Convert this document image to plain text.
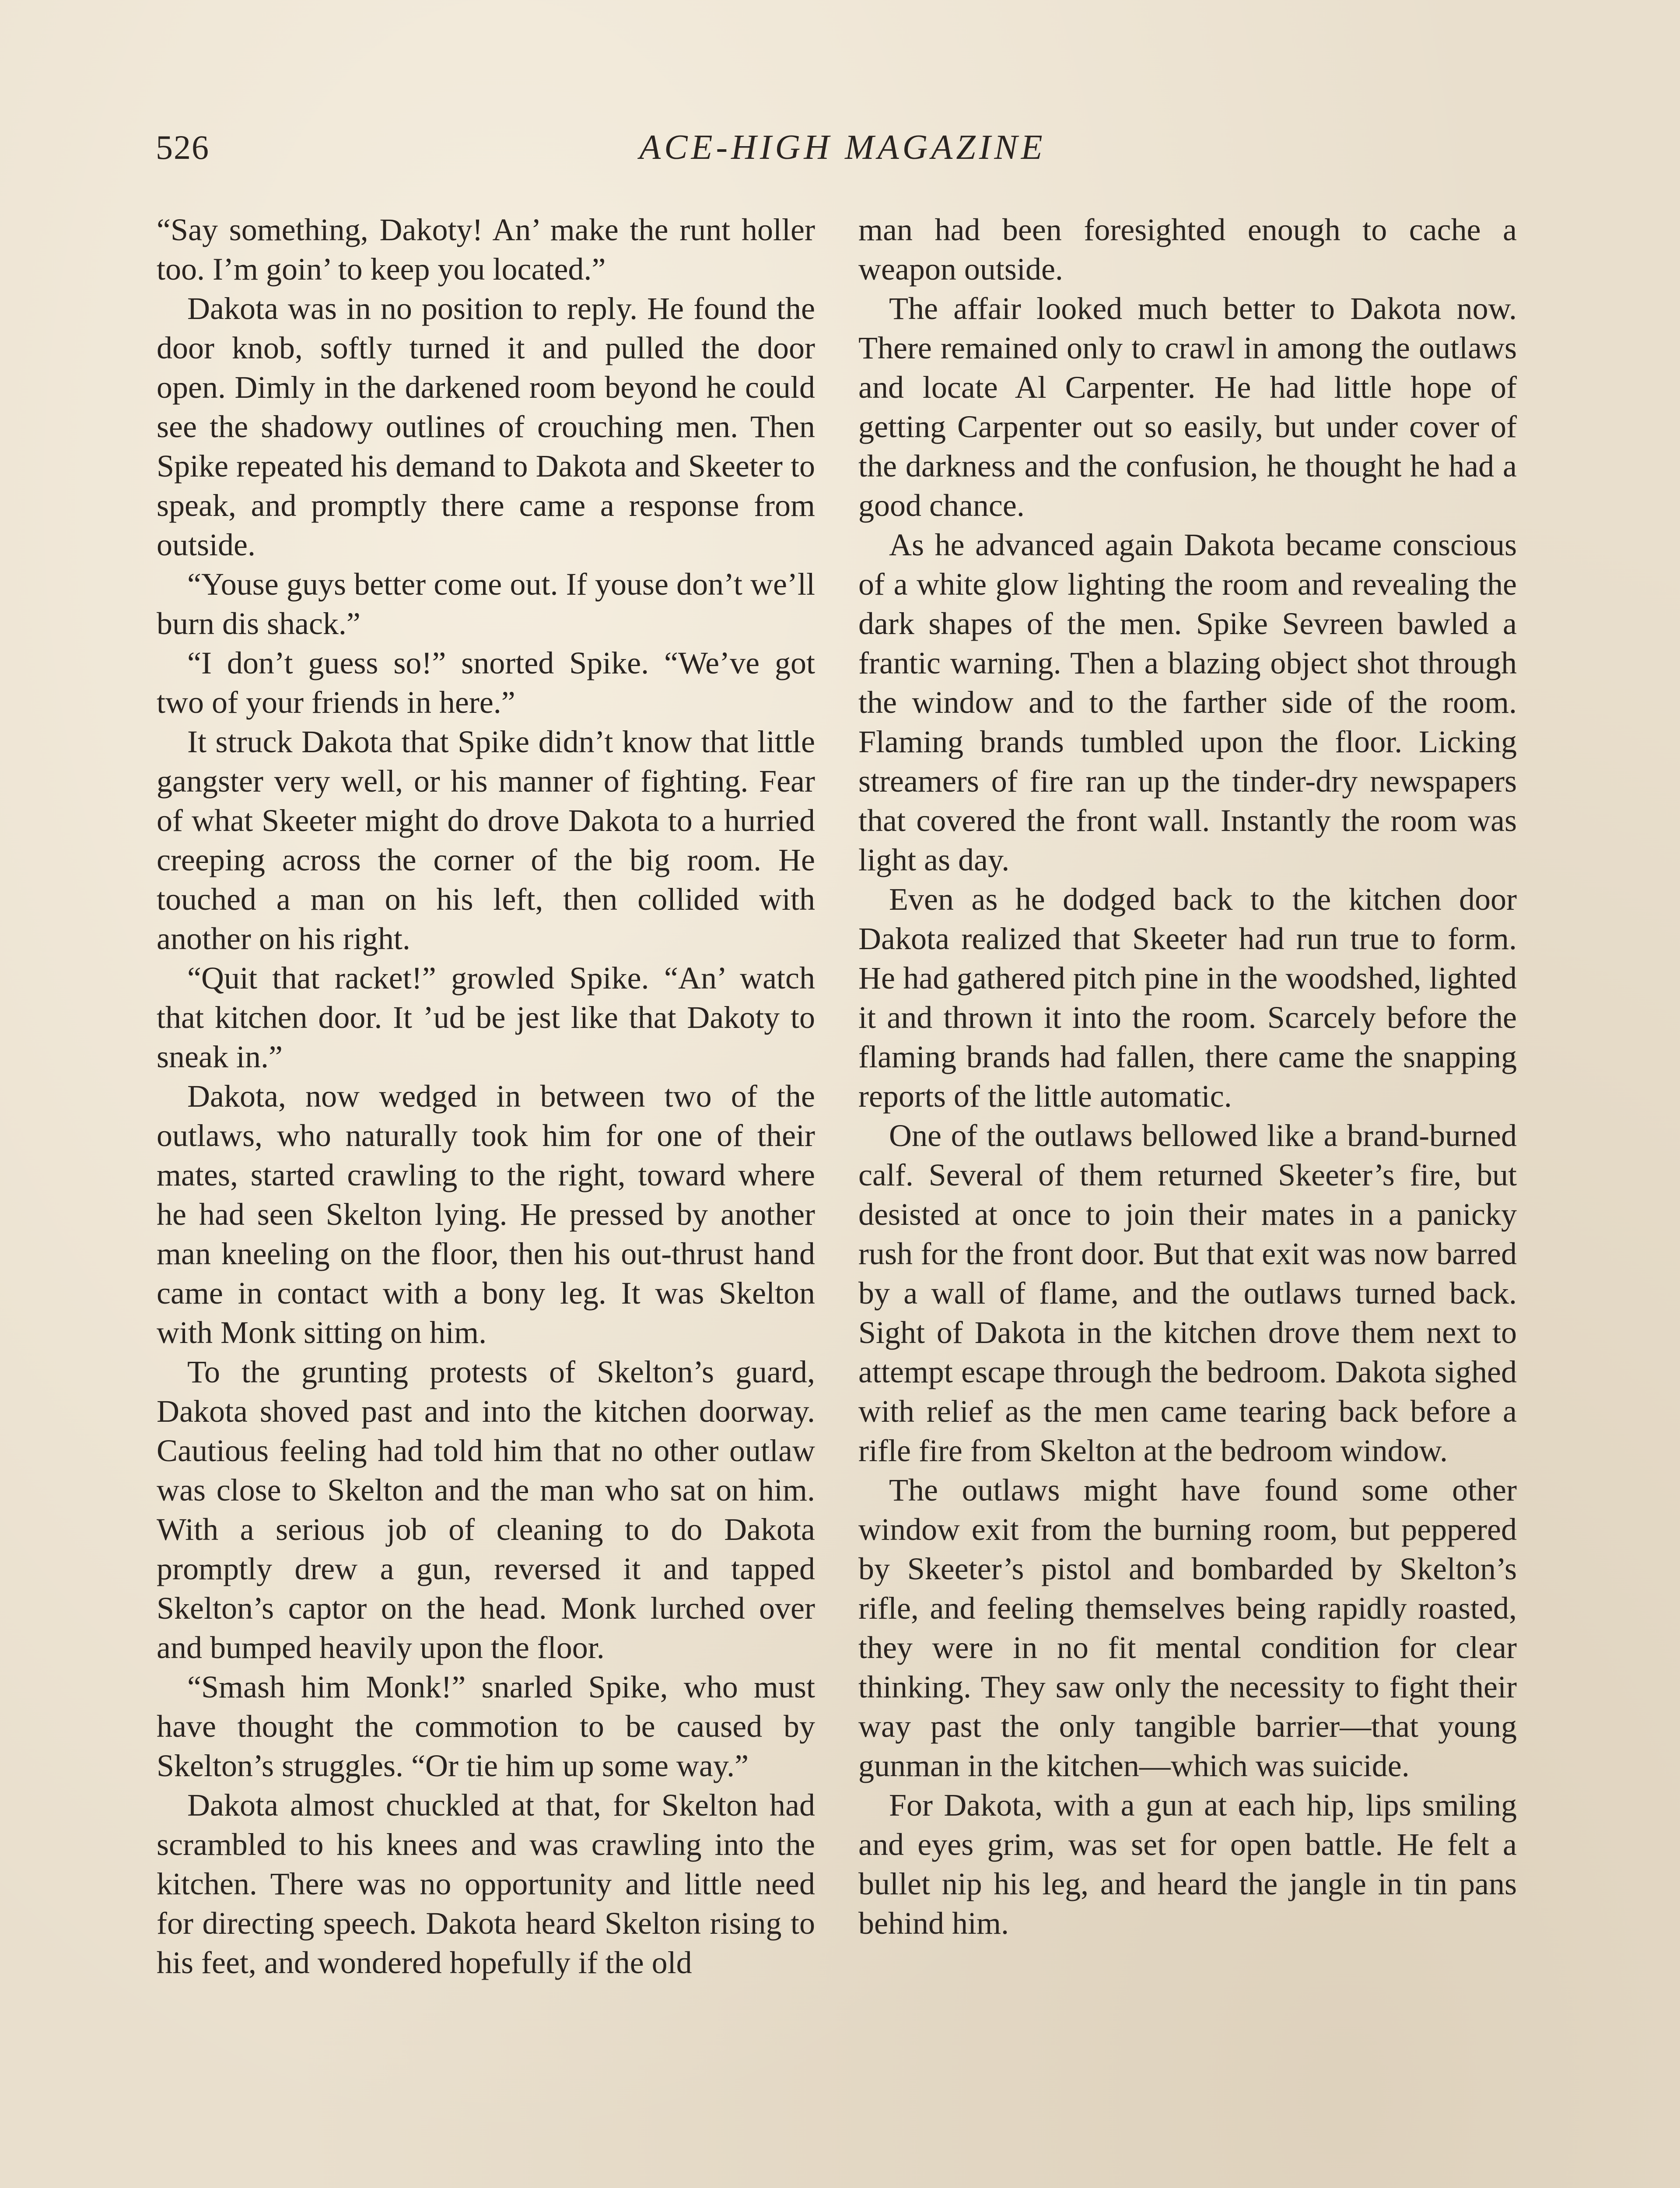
526	ACE-HIGH MAGAZINE

“Say something, Dakoty! An’ make the runt holler too. I’m goin’ to keep you located.”

Dakota was in no position to reply. He found the door knob, softly turned it and pulled the door open. Dimly in the darkened room beyond he could see the shadowy outlines of crouching men. Then Spike repeated his demand to Dakota and Skeeter to speak, and promptly there came a response from outside.

“Youse guys better come out. If youse don’t we’ll burn dis shack.”

“I don’t guess so!” snorted Spike. “We’ve got two of your friends in here.”

It struck Dakota that Spike didn’t know that little gangster very well, or his manner of fighting. Fear of what Skeeter might do drove Dakota to a hurried creeping across the corner of the big room. He touched a man on his left, then collided with another on his right.

“Quit that racket!” growled Spike. “An’ watch that kitchen door. It ’ud be jest like that Dakoty to sneak in.”

Dakota, now wedged in between two of the outlaws, who naturally took him for one of their mates, started crawling to the right, toward where he had seen Skelton lying. He pressed by another man kneeling on the floor, then his out-thrust hand came in contact with a bony leg. It was Skelton with Monk sitting on him.

To the grunting protests of Skelton’s guard, Dakota shoved past and into the kitchen doorway. Cautious feeling had told him that no other outlaw was close to Skelton and the man who sat on him. With a serious job of cleaning to do Dakota promptly drew a gun, reversed it and tapped Skelton’s captor on the head. Monk lurched over and bumped heavily upon the floor.

“Smash him Monk!” snarled Spike, who must have thought the commotion to be caused by Skelton’s struggles. “Or tie him up some way.”

Dakota almost chuckled at that, for Skelton had scrambled to his knees and was crawling into the kitchen. There was no opportunity and little need for directing speech. Dakota heard Skelton rising to his feet, and wondered hopefully if the old

man had been foresighted enough to cache a weapon outside.

The affair looked much better to Dakota now. There remained only to crawl in among the outlaws and locate Al Carpenter. He had little hope of getting Carpenter out so easily, but under cover of the darkness and the confusion, he thought he had a good chance.

As he advanced again Dakota became conscious of a white glow lighting the room and revealing the dark shapes of the men. Spike Sevreen bawled a frantic warning. Then a blazing object shot through the window and to the farther side of the room. Flaming brands tumbled upon the floor. Licking streamers of fire ran up the tinder-dry newspapers that covered the front wall. Instantly the room was light as day.

Even as he dodged back to the kitchen door Dakota realized that Skeeter had run true to form. He had gathered pitch pine in the woodshed, lighted it and thrown it into the room. Scarcely before the flaming brands had fallen, there came the snapping reports of the little automatic.

One of the outlaws bellowed like a brand-burned calf. Several of them returned Skeeter’s fire, but desisted at once to join their mates in a panicky rush for the front door. But that exit was now barred by a wall of flame, and the outlaws turned back. Sight of Dakota in the kitchen drove them next to attempt escape through the bedroom. Dakota sighed with relief as the men came tearing back before a rifle fire from Skelton at the bedroom window.

The outlaws might have found some other window exit from the burning room, but peppered by Skeeter’s pistol and bombarded by Skelton’s rifle, and feeling themselves being rapidly roasted, they were in no fit mental condition for clear thinking. They saw only the necessity to fight their way past the only tangible barrier—that young gunman in the kitchen—which was suicide.

For Dakota, with a gun at each hip, lips smiling and eyes grim, was set for open battle. He felt a bullet nip his leg, and heard the jangle in tin pans behind him.
